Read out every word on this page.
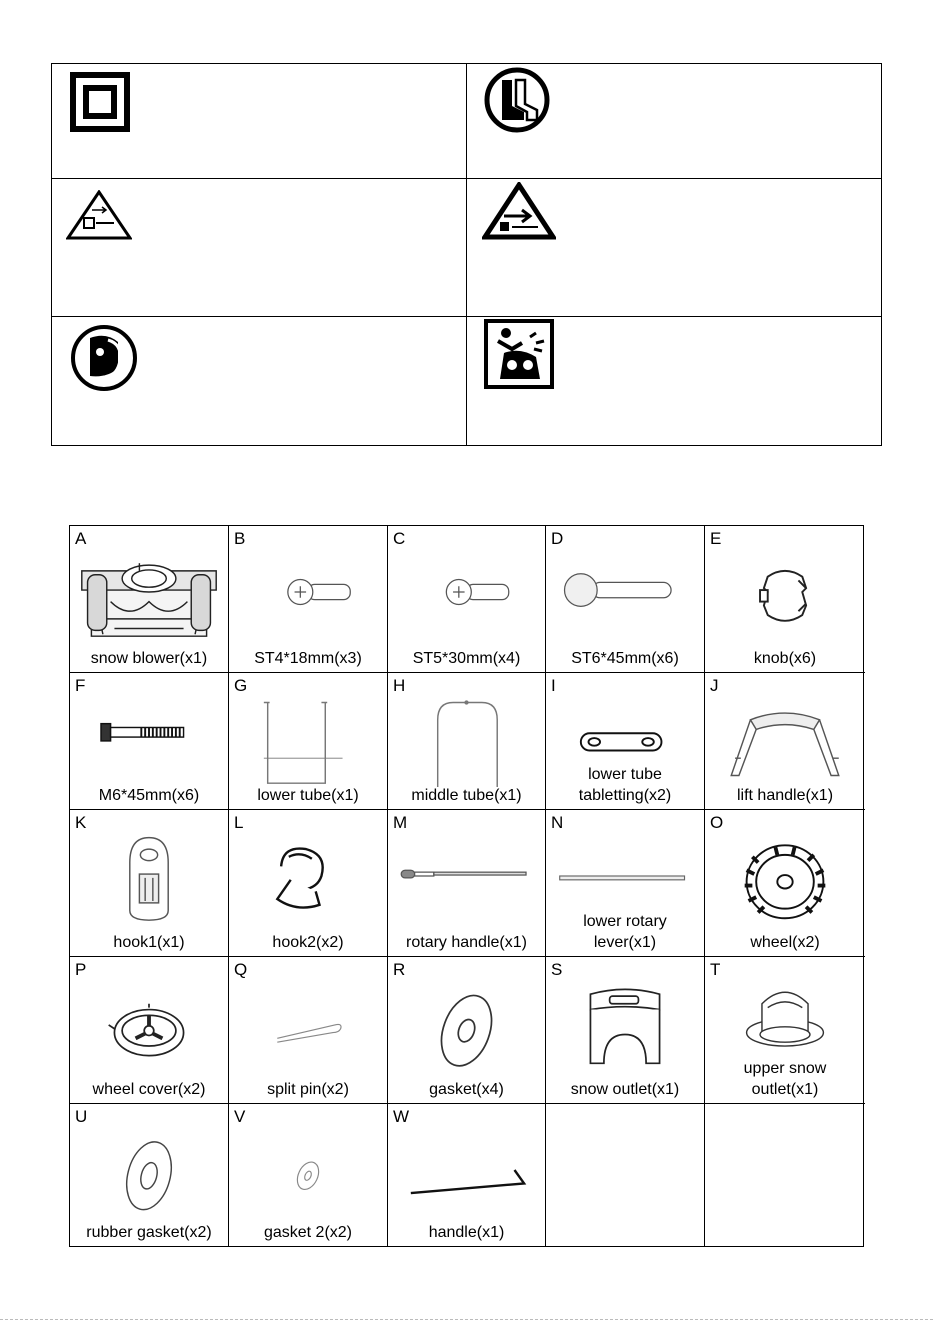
A
snow blower(x1)
B
ST4*18mm(x3)
C
ST5*30mm(x4)
D
ST6*45mm(x6)
E
knob(x6)
F
M6*45mm(x6)
G
lower tube(x1)
H
middle tube(x1)
I
lower tube
tabletting(x2)
J
lift handle(x1)
K
hook1(x1)
L
hook2(x2)
M
rotary handle(x1)
N
lower rotary
lever(x1)
O
wheel(x2)
P
wheel cover(x2)
Q
split pin(x2)
R
gasket(x4)
S
snow outlet(x1)
T
upper snow
outlet(x1)
U
rubber gasket(x2)
V
gasket 2(x2)
W
handle(x1)
